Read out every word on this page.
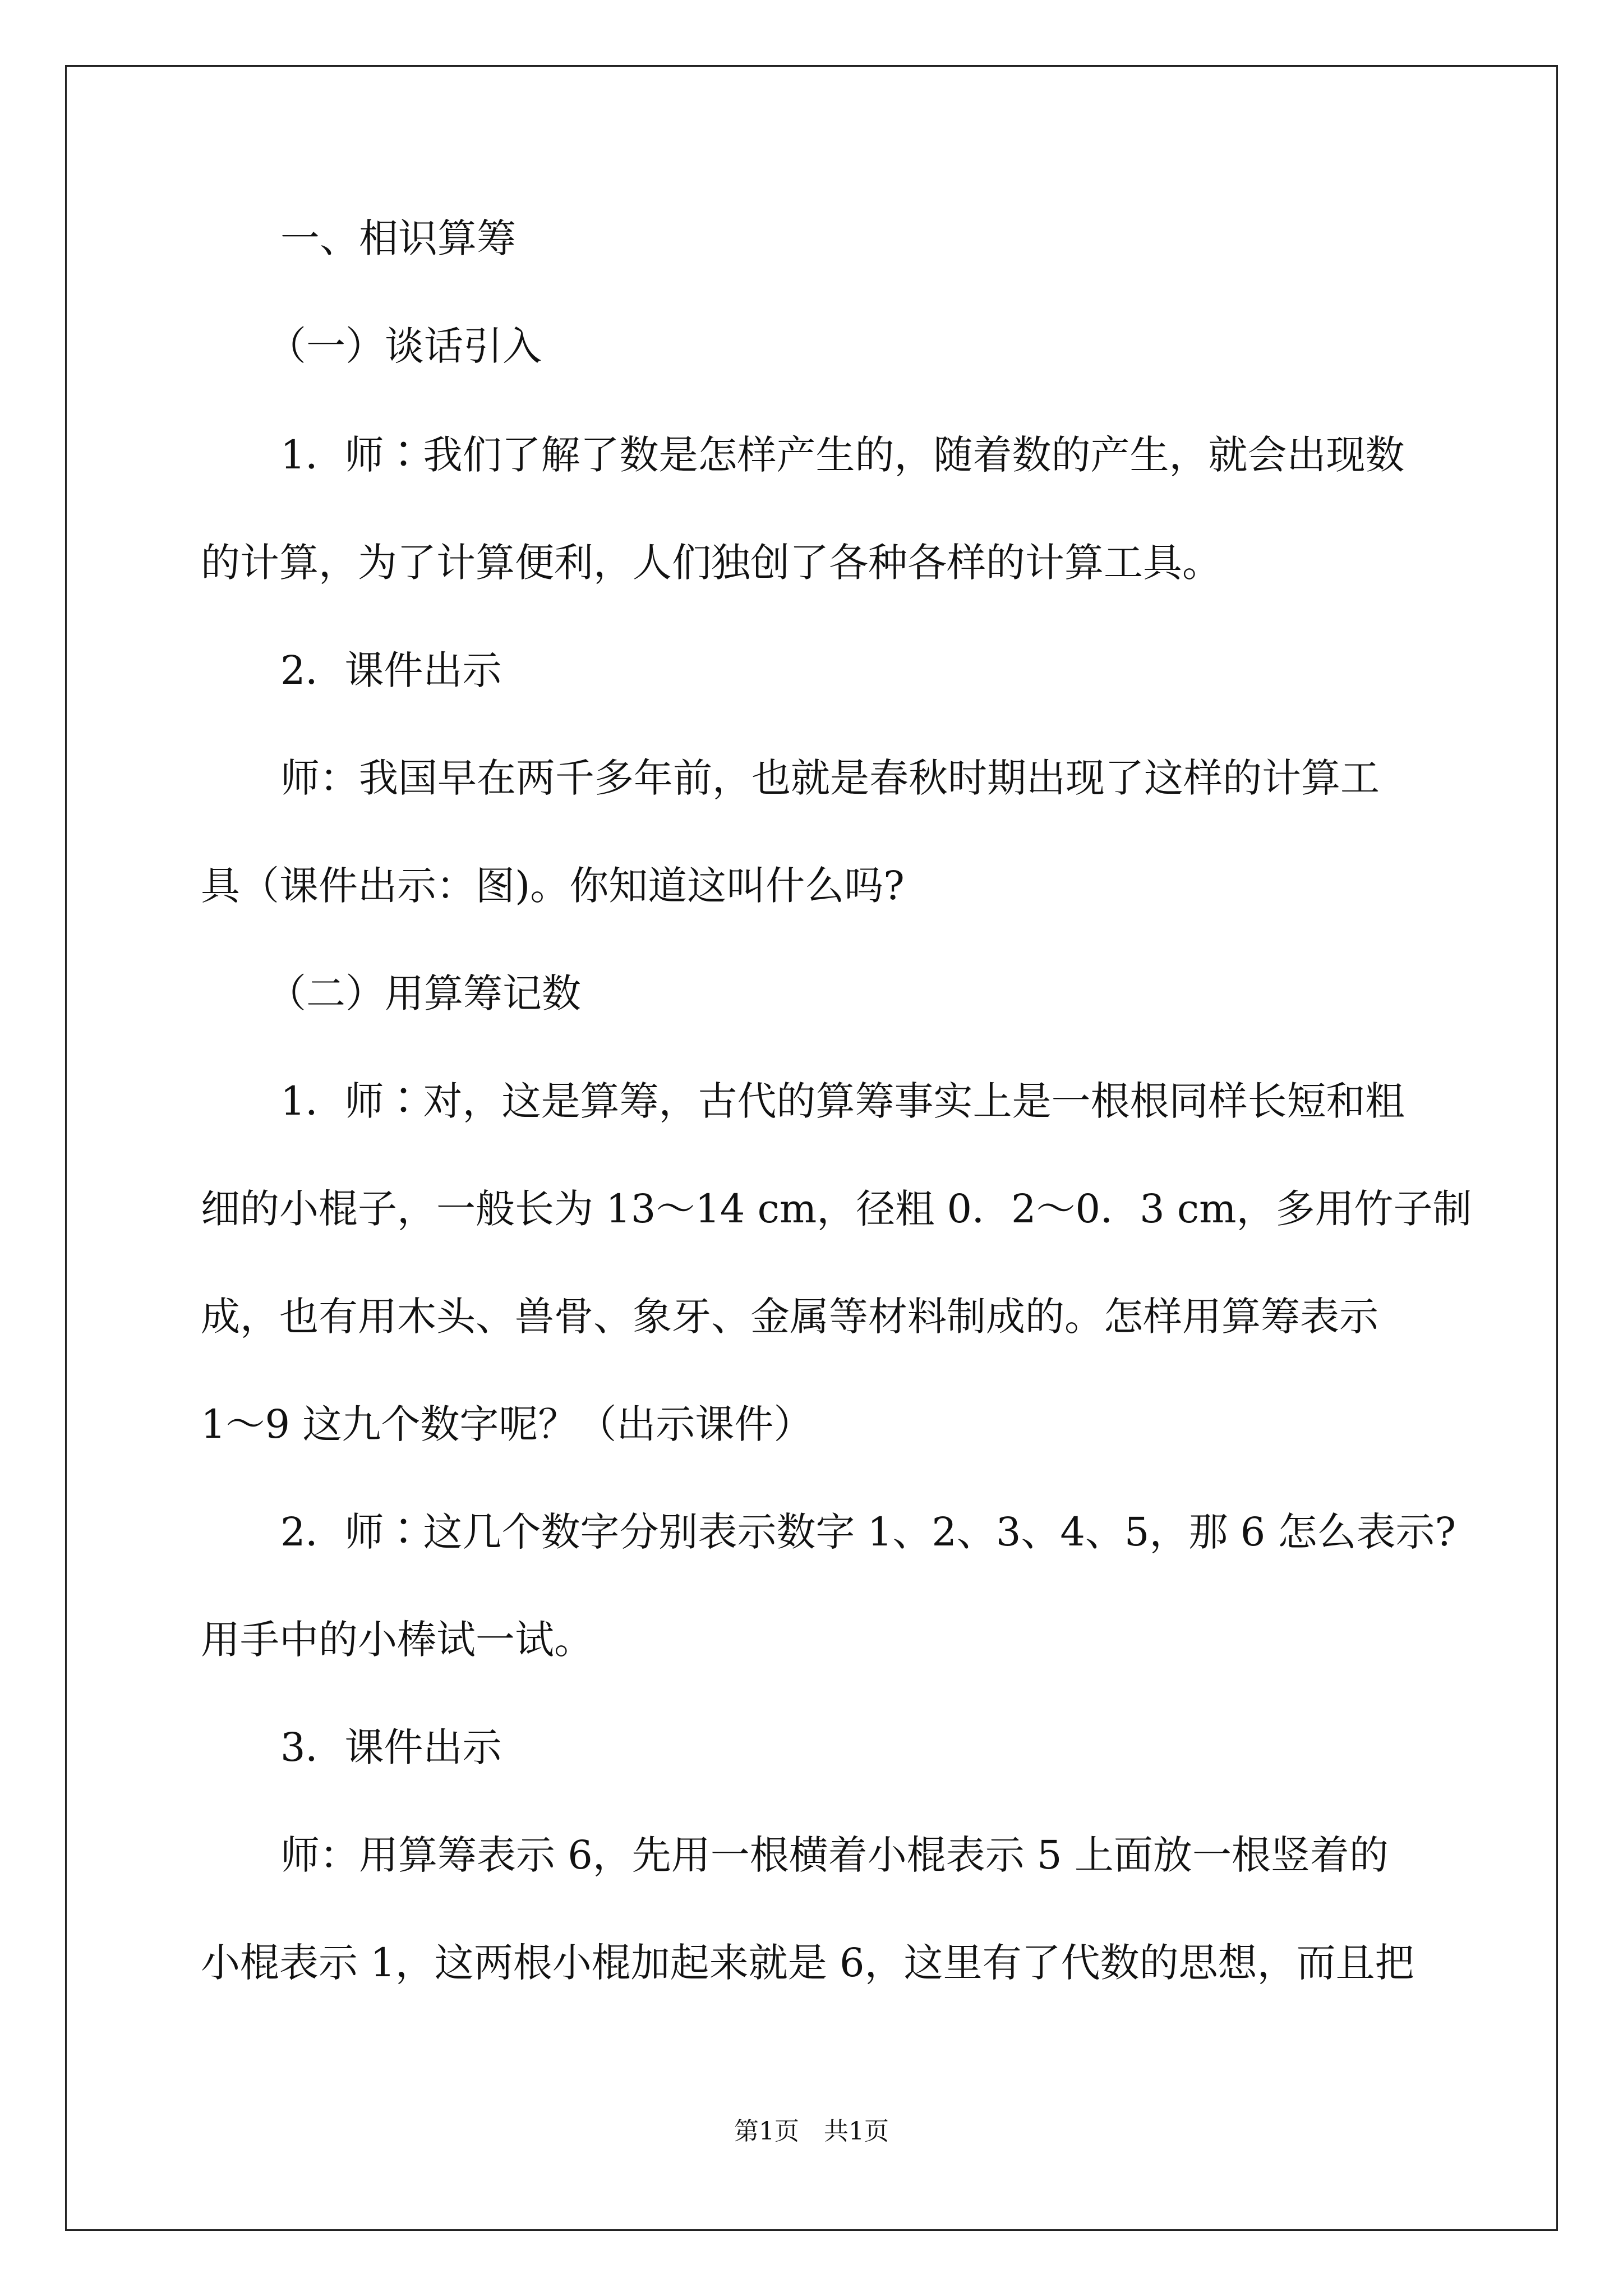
一、相识算筹
（一）谈话引入
1．师∶我们了解了数是怎样产生的，随着数的产生，就会出现数
的计算，为了计算便利，人们独创了各种各样的计算工具。
2．课件出示
师：我国早在两千多年前，也就是春秋时期出现了这样的计算工
具（课件出示：图)。你知道这叫什么吗?
（二）用算筹记数
1．师∶对，这是算筹，古代的算筹事实上是一根根同样长短和粗
细的小棍子，一般长为 13～14 cm，径粗 0．2～0．3 cm，多用竹子制
成，也有用木头、兽骨、象牙、金属等材料制成的。怎样用算筹表示
1～9 这九个数字呢？（出示课件）
2．师∶这几个数字分别表示数字 1、2、3、4、5，那 6 怎么表示?
用手中的小棒试一试。
3．课件出示
师：用算筹表示 6，先用一根横着小棍表示 5 上面放一根竖着的
小棍表示 1，这两根小棍加起来就是 6，这里有了代数的思想，而且把
第1页　共1页
